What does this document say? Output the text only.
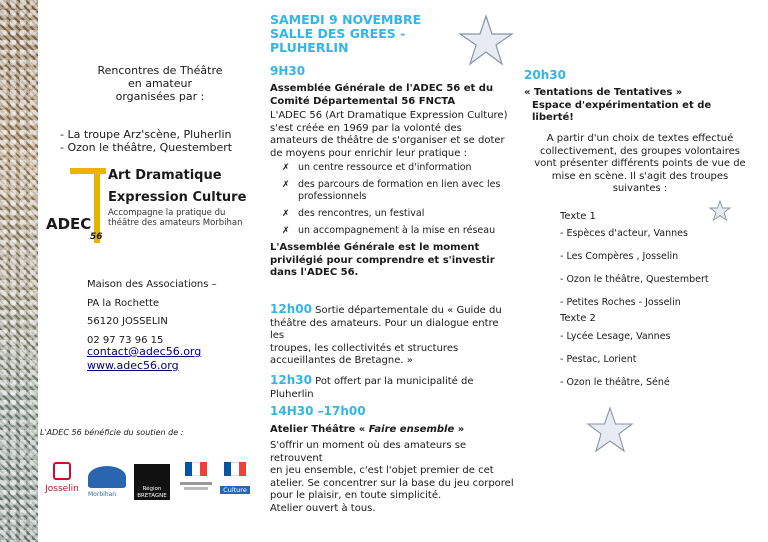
Rencontres de Théâtre
en amateur
organisées par :
- La troupe Arz'scène, Pluherlin
- Ozon le théâtre, Questembert
ADEC
56
Art Dramatique
Expression Culture
Accompagne la pratique du
théâtre des amateurs Morbihan
Maison des Associations –
PA la Rochette
56120 JOSSELIN
02 97 73 96 15
contact@adec56.org
www.adec56.org
L'ADEC 56 bénéficie du soutien de :
Josselin
Morbihan
Région BRETAGNE
Culture
SAMEDI 9 NOVEMBRE
SALLE DES GREES -
PLUHERLIN
9H30
Assemblée Générale de l'ADEC 56 et du
Comité Départemental 56 FNCTA
L'ADEC 56 (Art Dramatique Expression Culture)
s'est créée en 1969 par la volonté des
amateurs de théâtre de s'organiser et se doter
de moyens pour enrichir leur pratique :
✗ un centre ressource et d'information
✗ des parcours de formation en lien avec les
professionnels
✗ des rencontres, un festival
✗ un accompagnement à la mise en réseau
L'Assemblée Générale est le moment
privilégié pour comprendre et s'investir
dans l'ADEC 56.
12h00 Sortie départementale du « Guide du
théâtre des amateurs. Pour un dialogue entre les
troupes, les collectivités et structures
accueillantes de Bretagne. »
12h30 Pot offert par la municipalité de
Pluherlin
14H30 –17h00
Atelier Théâtre « Faire ensemble »
S'offrir un moment où des amateurs se retrouvent
en jeu ensemble, c'est l'objet premier de cet
atelier. Se concentrer sur la base du jeu corporel
pour le plaisir, en toute simplicité.
Atelier ouvert à tous.
20h30
« Tentations de Tentatives »
Espace d'expérimentation et de
liberté!
A partir d'un choix de textes effectué
collectivement, des groupes volontaires
vont présenter différents points de vue de
mise en scène. Il s'agit des troupes
suivantes :
Texte 1
- Espèces d'acteur, Vannes
- Les Compères , Josselin
- Ozon le théâtre, Questembert
- Petites Roches - Josselin
Texte 2
- Lycée Lesage, Vannes
- Pestac, Lorient
- Ozon le théâtre, Séné
